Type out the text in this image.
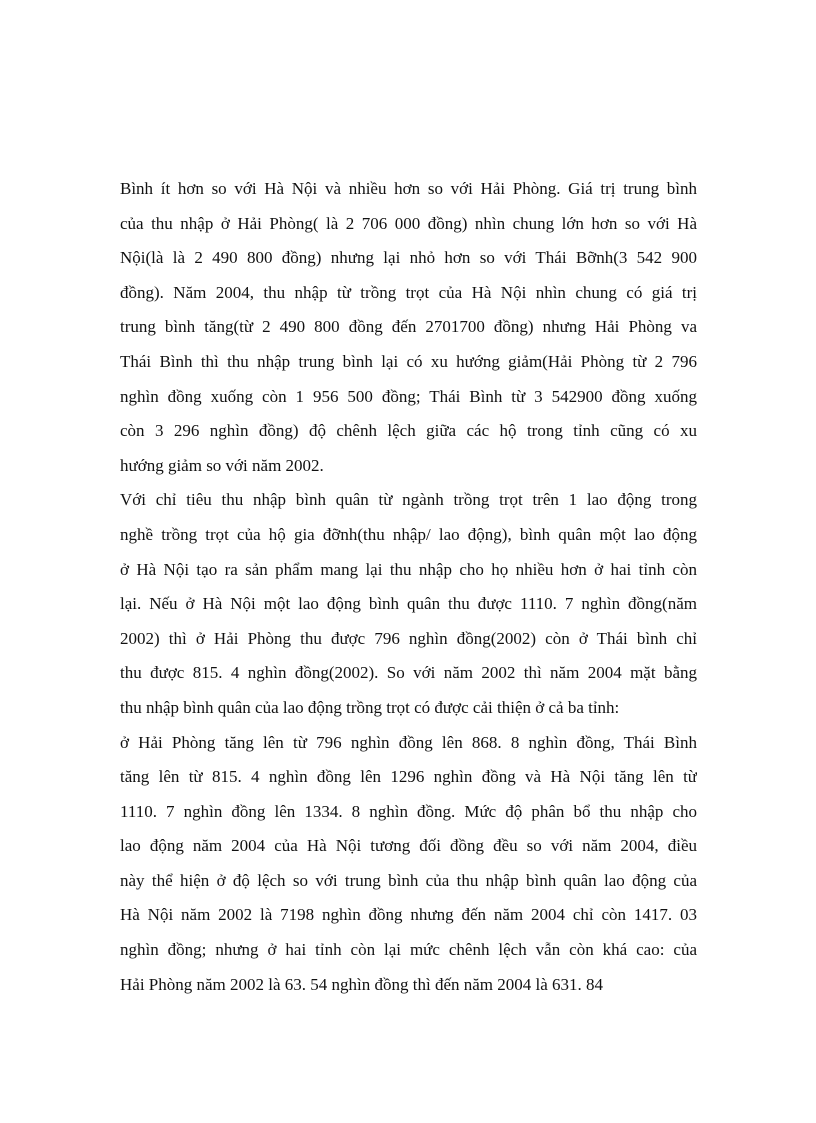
Bình ít hơn so với Hà Nội và nhiều hơn so với Hải Phòng. Giá trị trung bình
của thu nhập ở Hải Phòng( là 2 706 000 đồng) nhìn chung lớn hơn so với Hà
Nội(là là 2 490 800 đồng) nhưng lại nhỏ hơn so với Thái Bỡnh(3 542 900
đồng). Năm 2004, thu nhập từ trồng trọt của Hà Nội nhìn chung có giá trị
trung bình tăng(từ 2 490 800 đồng đến 2701700 đồng) nhưng Hải Phòng va
Thái Bình thì thu nhập trung bình lại có xu hướng giảm(Hải Phòng từ 2 796
nghìn đồng xuống còn 1 956 500 đồng; Thái Bình từ 3 542900 đồng xuống
còn 3 296 nghìn đồng) độ chênh lệch giữa các hộ trong tỉnh cũng có xu
hướng giảm so với năm 2002.
Với chỉ tiêu thu nhập bình quân từ ngành trồng trọt trên 1 lao động trong
nghề trồng trọt của hộ gia đỡnh(thu nhập/ lao động), bình quân một lao động
ở Hà Nội tạo ra sản phẩm mang lại thu nhập cho họ nhiều hơn ở hai tỉnh còn
lại. Nếu ở Hà Nội một lao động bình quân thu được 1110. 7 nghìn đồng(năm
2002) thì ở Hải Phòng thu được 796 nghìn đồng(2002) còn ở Thái bình chỉ
thu được 815. 4 nghìn đồng(2002). So với năm 2002 thì năm 2004 mặt bằng
thu nhập bình quân của lao động trồng trọt có được cải thiện ở cả ba tỉnh:
ở Hải Phòng tăng lên từ 796 nghìn đồng lên 868. 8 nghìn đồng, Thái Bình
tăng lên từ 815. 4 nghìn đồng lên 1296 nghìn đồng và Hà Nội tăng lên từ
1110. 7 nghìn đồng lên 1334. 8 nghìn đồng. Mức độ phân bổ thu nhập cho
lao động năm 2004 của Hà Nội tương đối đồng đều so với năm 2004, điều
này thể hiện ở độ lệch so với trung bình của thu nhập bình quân lao động của
Hà Nội năm 2002 là 7198 nghìn đồng nhưng đến năm 2004 chỉ còn 1417. 03
nghìn đồng; nhưng ở hai tỉnh còn lại mức chênh lệch vẫn còn khá cao: của
Hải Phòng năm 2002 là 63. 54 nghìn đồng thì đến năm 2004 là 631. 84
